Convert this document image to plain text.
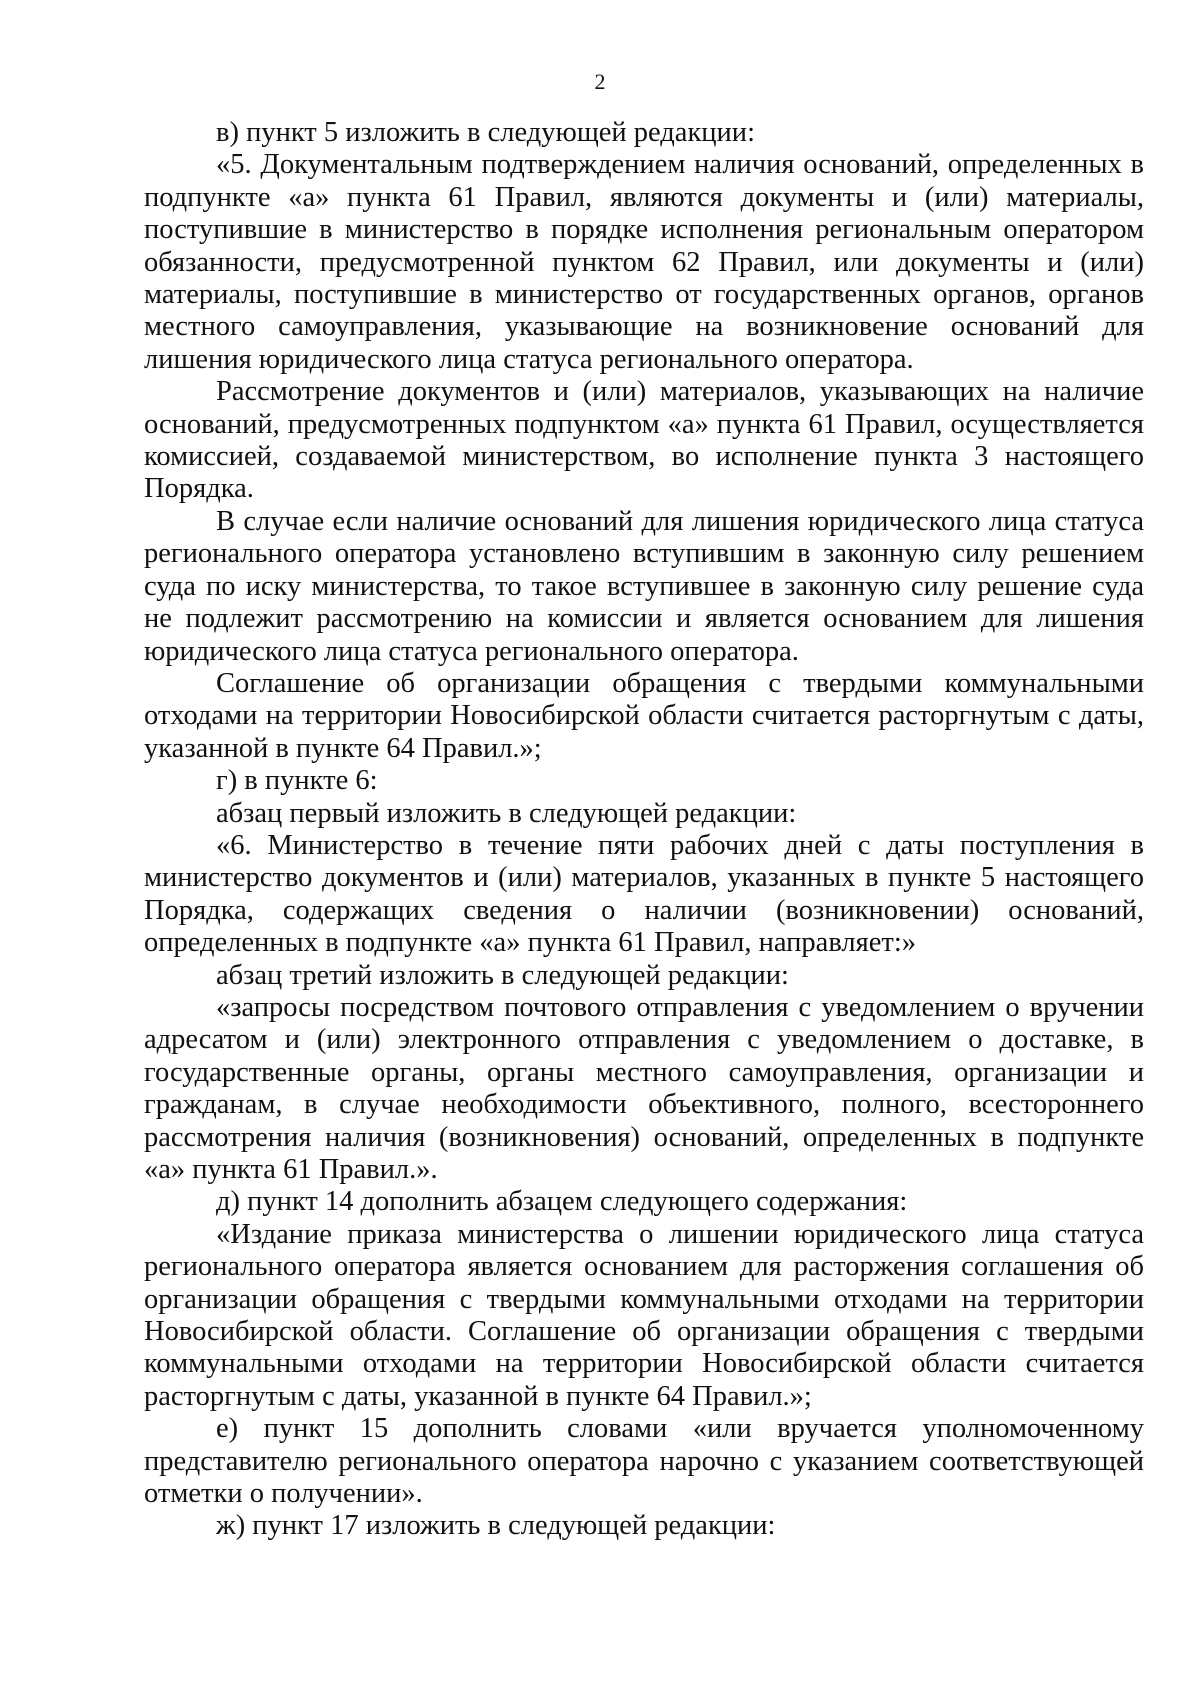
2

в) пункт 5 изложить в следующей редакции:

«5. Документальным подтверждением наличия оснований, определенных в подпункте «а» пункта 61 Правил, являются документы и (или) материалы, поступившие в министерство в порядке исполнения региональным оператором обязанности, предусмотренной пунктом 62 Правил, или документы и (или) материалы, поступившие в министерство от государственных органов, органов местного самоуправления, указывающие на возникновение оснований для лишения юридического лица статуса регионального оператора.

Рассмотрение документов и (или) материалов, указывающих на наличие оснований, предусмотренных подпунктом «а» пункта 61 Правил, осуществляется комиссией, создаваемой министерством, во исполнение пункта 3 настоящего Порядка.

В случае если наличие оснований для лишения юридического лица статуса регионального оператора установлено вступившим в законную силу решением суда по иску министерства, то такое вступившее в законную силу решение суда не подлежит рассмотрению на комиссии и является основанием для лишения юридического лица статуса регионального оператора.

Соглашение об организации обращения с твердыми коммунальными отходами на территории Новосибирской области считается расторгнутым с даты, указанной в пункте 64 Правил.»;

г) в пункте 6:

абзац первый изложить в следующей редакции:

«6. Министерство в течение пяти рабочих дней с даты поступления в министерство документов и (или) материалов, указанных в пункте 5 настоящего Порядка, содержащих сведения о наличии (возникновении) оснований, определенных в подпункте «а» пункта 61 Правил, направляет:»

абзац третий изложить в следующей редакции:

«запросы посредством почтового отправления с уведомлением о вручении адресатом и (или) электронного отправления с уведомлением о доставке, в государственные органы, органы местного самоуправления, организации и гражданам, в случае необходимости объективного, полного, всестороннего рассмотрения наличия (возникновения) оснований, определенных в подпункте «а» пункта 61 Правил.».

д) пункт 14 дополнить абзацем следующего содержания:

«Издание приказа министерства о лишении юридического лица статуса регионального оператора является основанием для расторжения соглашения об организации обращения с твердыми коммунальными отходами на территории Новосибирской области. Соглашение об организации обращения с твердыми коммунальными отходами на территории Новосибирской области считается расторгнутым с даты, указанной в пункте 64 Правил.»;

е) пункт 15 дополнить словами «или вручается уполномоченному представителю регионального оператора нарочно с указанием соответствующей отметки о получении».

ж) пункт 17 изложить в следующей редакции:
